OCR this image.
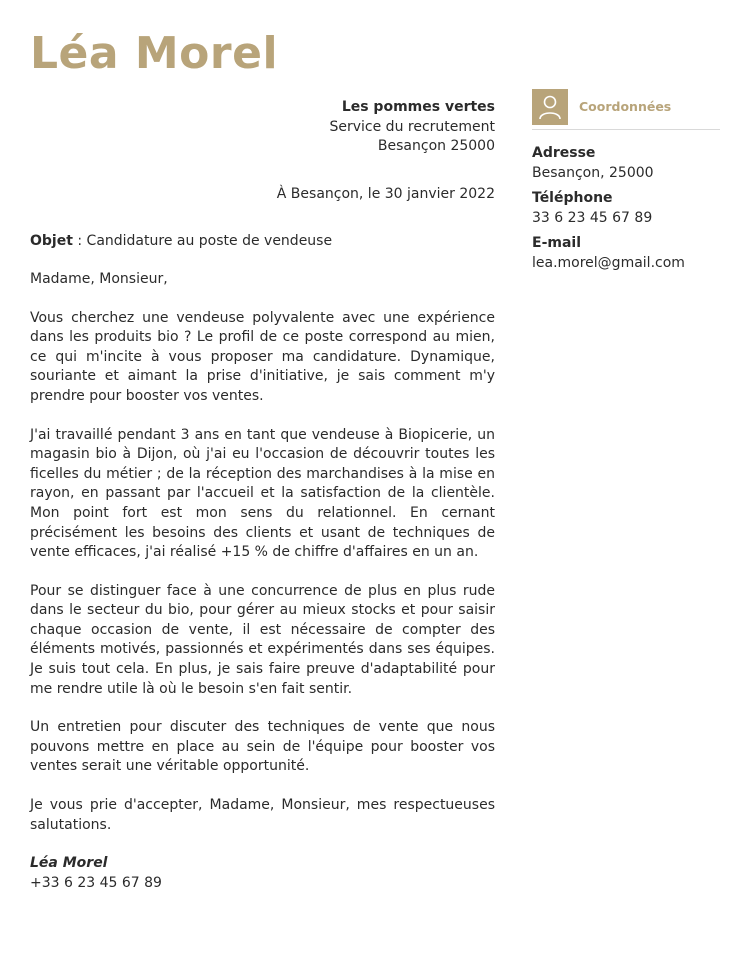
Léa Morel
Les pommes vertes
Service du recrutement
Besançon 25000
À Besançon, le 30 janvier 2022
Objet : Candidature au poste de vendeuse
Madame, Monsieur,
Vous cherchez une vendeuse polyvalente avec une expérience dans les produits bio ? Le profil de ce poste correspond au mien, ce qui m'incite à vous proposer ma candidature. Dynamique, souriante et aimant la prise d'initiative, je sais comment m'y prendre pour booster vos ventes.
J'ai travaillé pendant 3 ans en tant que vendeuse à Biopicerie, un magasin bio à Dijon, où j'ai eu l'occasion de découvrir toutes les ficelles du métier ; de la réception des marchandises à la mise en rayon, en passant par l'accueil et la satisfaction de la clientèle. Mon point fort est mon sens du relationnel. En cernant précisément les besoins des clients et usant de techniques de vente efficaces, j'ai réalisé +15 % de chiffre d'affaires en un an.
Pour se distinguer face à une concurrence de plus en plus rude dans le secteur du bio, pour gérer au mieux stocks et pour saisir chaque occasion de vente, il est nécessaire de compter des éléments motivés, passionnés et expérimentés dans ses équipes. Je suis tout cela. En plus, je sais faire preuve d'adaptabilité pour me rendre utile là où le besoin s'en fait sentir.
Un entretien pour discuter des techniques de vente que nous pouvons mettre en place au sein de l'équipe pour booster vos ventes serait une véritable opportunité.
Je vous prie d'accepter, Madame, Monsieur, mes respectueuses salutations.
Léa Morel
+33 6 23 45 67 89
Coordonnées
Adresse
Besançon, 25000
Téléphone
33 6 23 45 67 89
E-mail
lea.morel@gmail.com
